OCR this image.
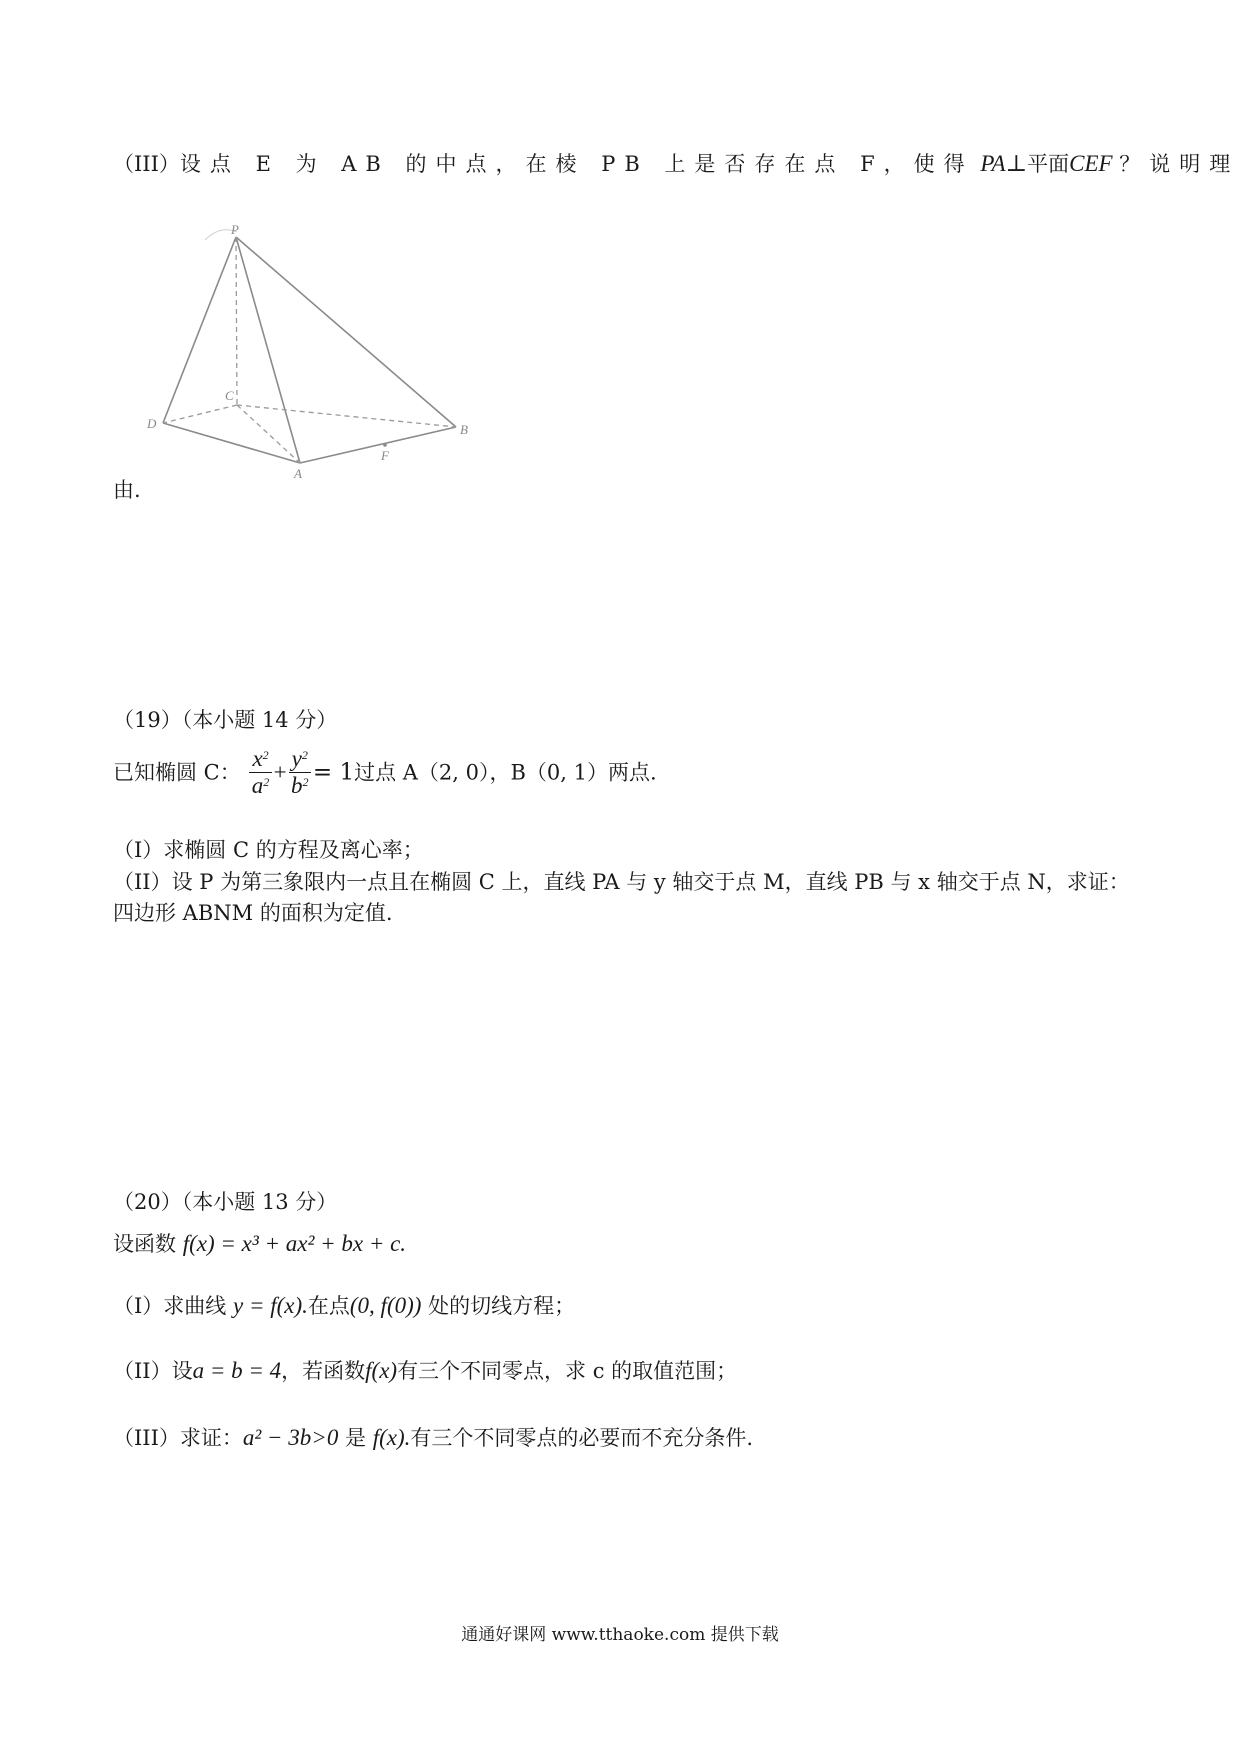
（III）设点 E 为 AB 的中点，在棱 PB 上是否存在点 F，使得 PA⊥平面CEF ？说明理
P
C
D	B
A
F
由.
（19）（本小题 14 分）
已知椭圆 C： $\frac{x^2}{a^2} + \frac{y^2}{b^2} = 1$过点 A（2, 0），B（0, 1）两点.
（I）求椭圆 C 的方程及离心率；
（II）设 P 为第三象限内一点且在椭圆 C 上，直线 PA 与 y 轴交于点 M，直线 PB 与 x 轴交于点 N，求证：
四边形 ABNM 的面积为定值.
（20）（本小题 13 分）
设函数 f(x) = x³ + ax² + bx + c.
（I）求曲线 y = f(x).在点(0, f(0)) 处的切线方程；
（II）设a = b = 4，若函数f(x)有三个不同零点，求 c 的取值范围；
（III）求证：a² − 3b>0 是 f(x).有三个不同零点的必要而不充分条件.
通通好课网 www.tthaoke.com 提供下载
